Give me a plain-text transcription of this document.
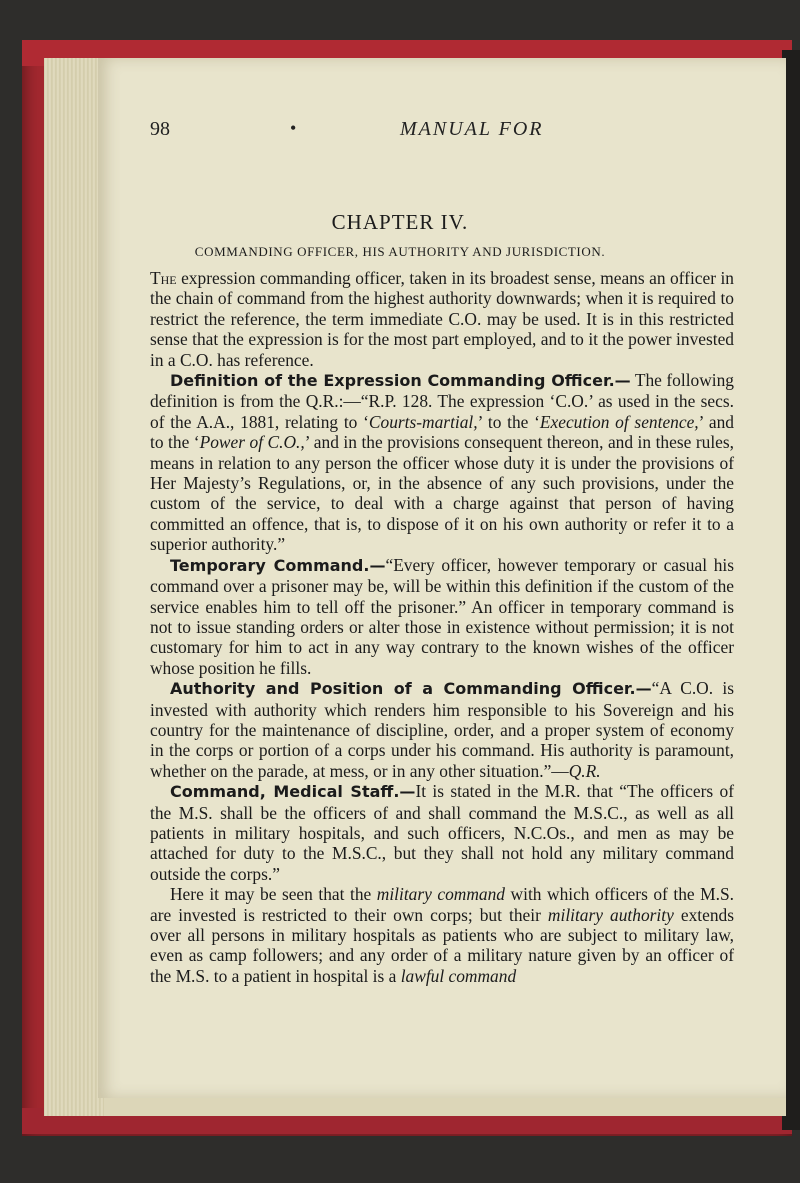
98	•	MANUAL FOR
CHAPTER IV.
COMMANDING OFFICER, HIS AUTHORITY AND JURISDICTION.

The expression commanding officer, taken in its broadest sense, means an officer in the chain of command from the highest authority downwards; when it is required to restrict the reference, the term immediate C.O. may be used. It is in this restricted sense that the expression is for the most part employed, and to it the power invested in a C.O. has reference.

Definition of the Expression Commanding Officer.— The following definition is from the Q.R.:—“R.P. 128. The expression ‘C.O.’ as used in the secs. of the A.A., 1881, relating to ‘Courts-martial,’ to the ‘Execution of sentence,’ and to the ‘Power of C.O.,’ and in the provisions consequent thereon, and in these rules, means in relation to any person the officer whose duty it is under the provisions of Her Majesty’s Regulations, or, in the absence of any such provisions, under the custom of the service, to deal with a charge against that person of having committed an offence, that is, to dispose of it on his own authority or refer it to a superior authority.”

Temporary Command.—“Every officer, however temporary or casual his command over a prisoner may be, will be within this definition if the custom of the service enables him to tell off the prisoner.” An officer in temporary command is not to issue standing orders or alter those in existence without permission; it is not customary for him to act in any way contrary to the known wishes of the officer whose position he fills.

Authority and Position of a Commanding Officer.—“A C.O. is invested with authority which renders him responsible to his Sovereign and his country for the maintenance of discipline, order, and a proper system of economy in the corps or portion of a corps under his command. His authority is paramount, whether on the parade, at mess, or in any other situation.”—Q.R.

Command, Medical Staff.—It is stated in the M.R. that “The officers of the M.S. shall be the officers of and shall command the M.S.C., as well as all patients in military hospitals, and such officers, N.C.Os., and men as may be attached for duty to the M.S.C., but they shall not hold any military command outside the corps.”

Here it may be seen that the military command with which officers of the M.S. are invested is restricted to their own corps; but their military authority extends over all persons in military hospitals as patients who are subject to military law, even as camp followers; and any order of a military nature given by an officer of the M.S. to a patient in hospital is a lawful command
